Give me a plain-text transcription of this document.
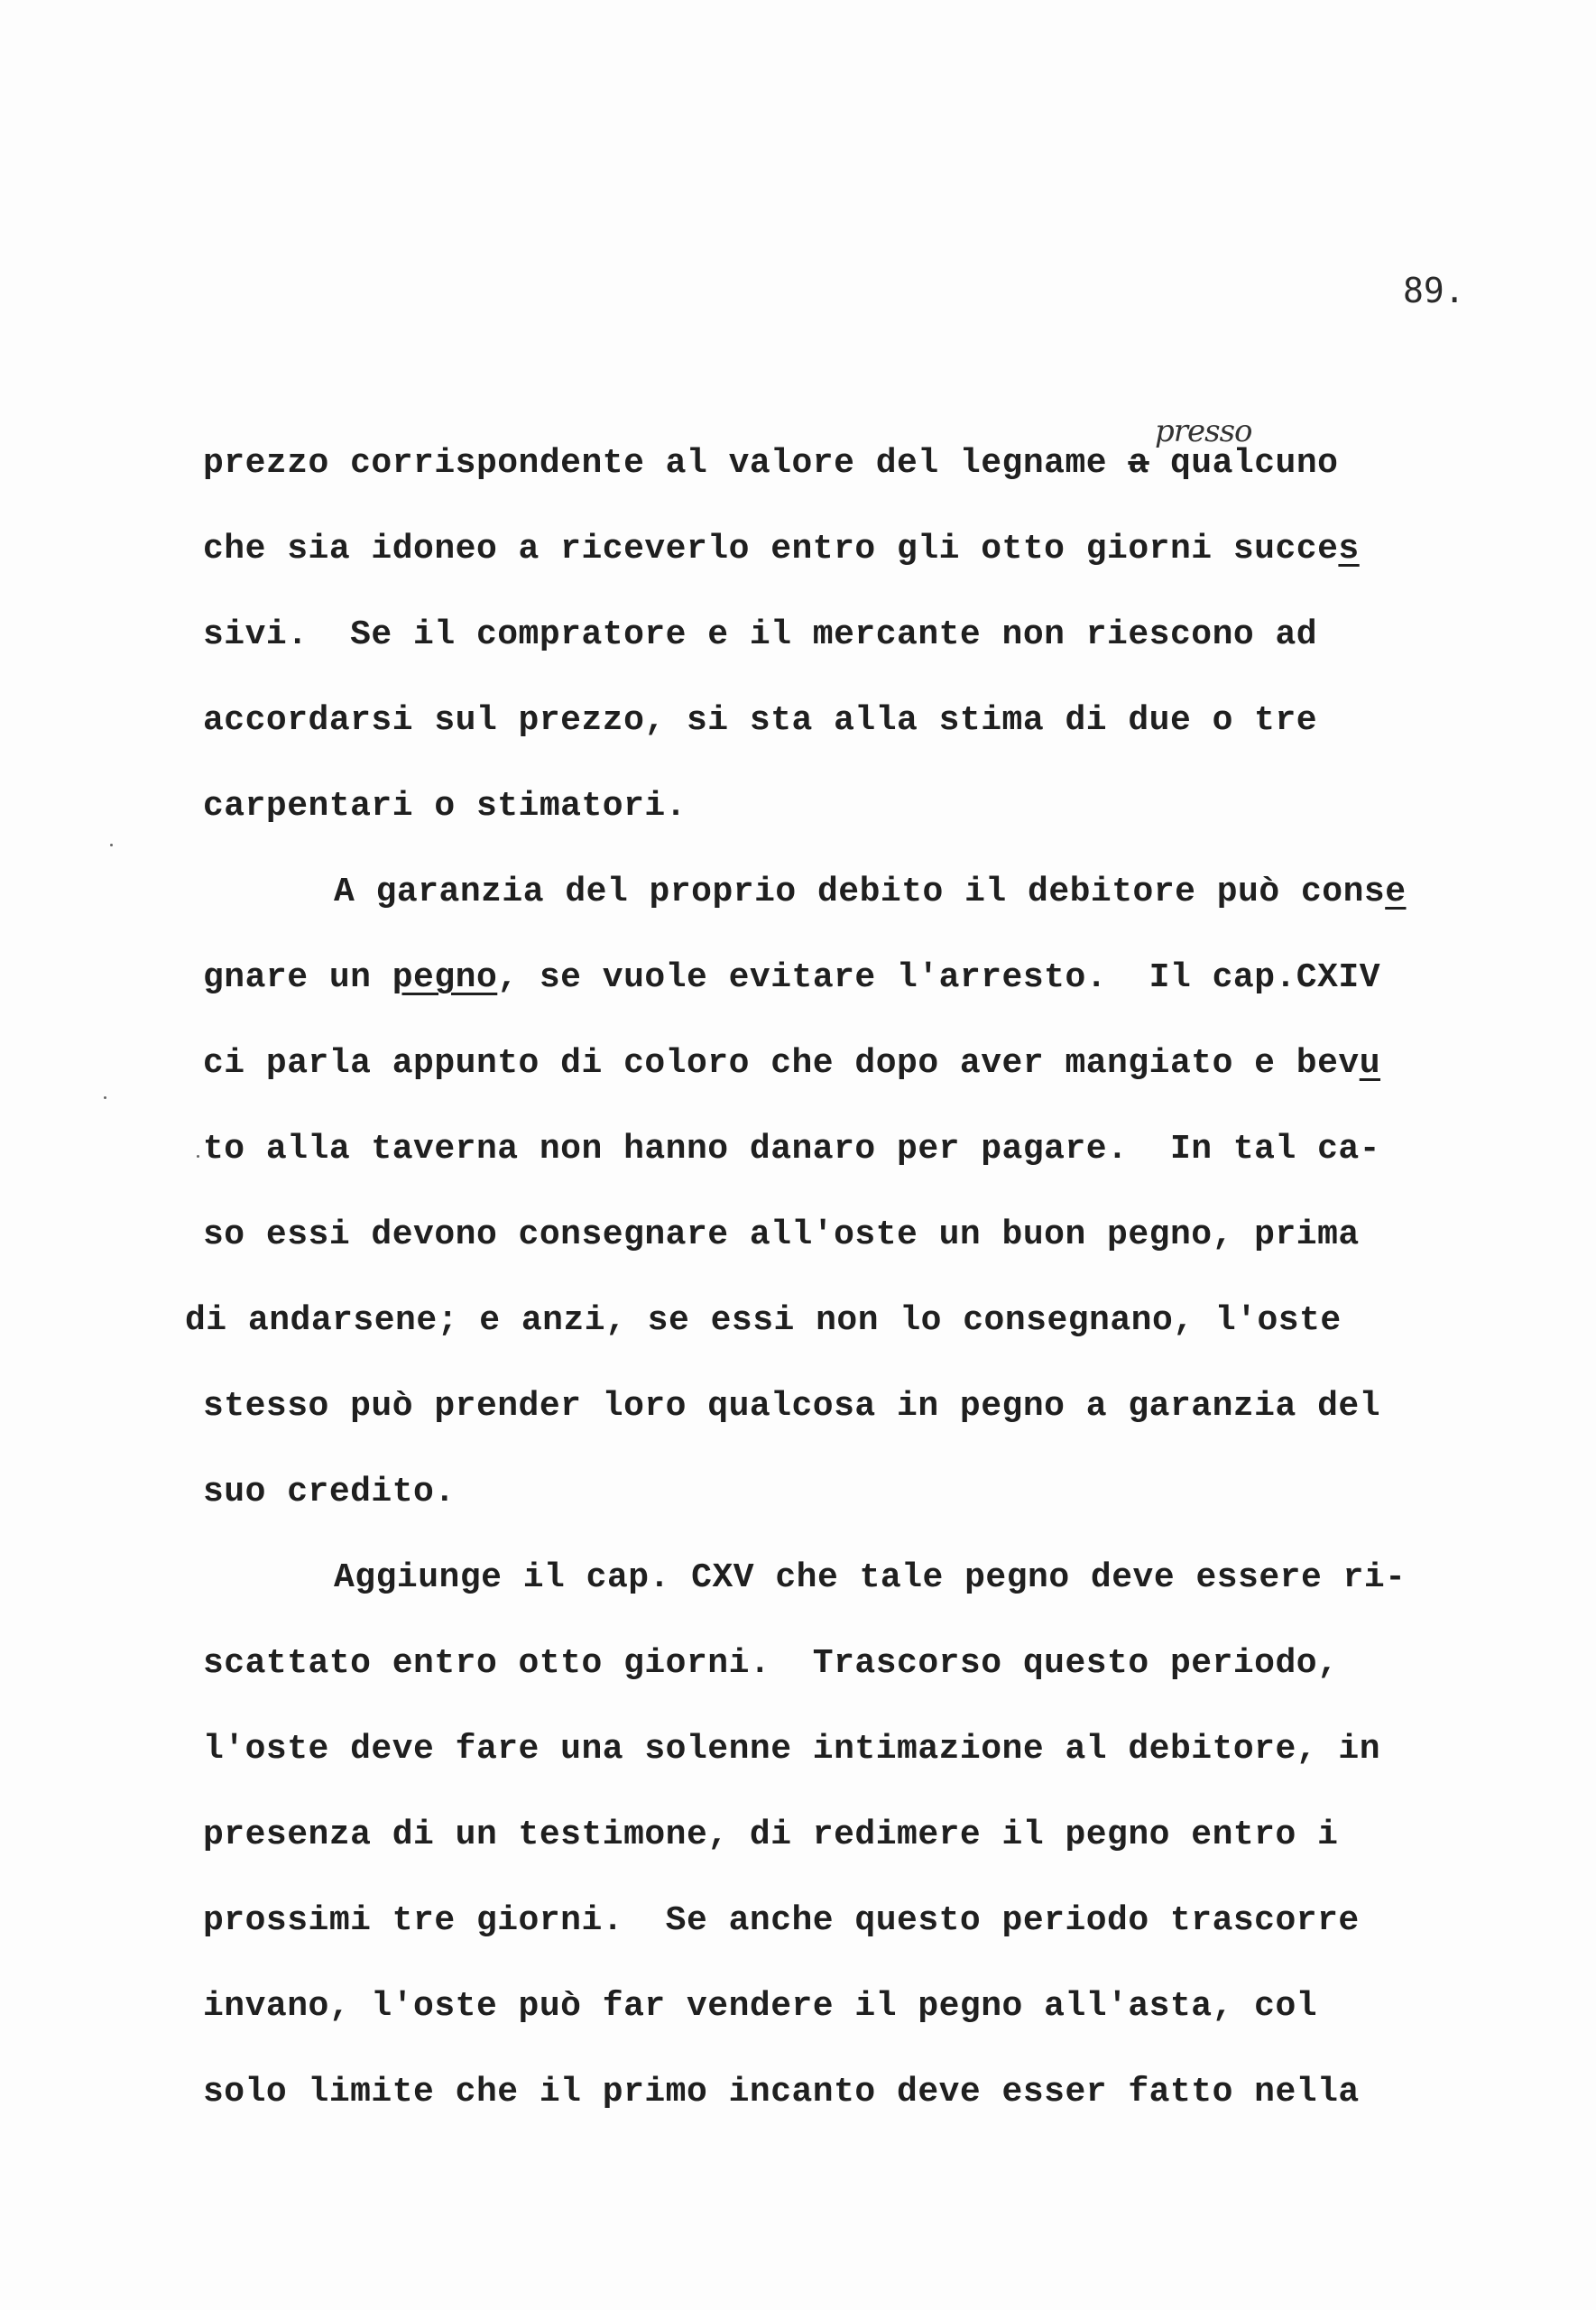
89.
presso
prezzo corrispondente al valore del legname a qualcuno
che sia idoneo a riceverlo entro gli otto giorni succes
sivi.  Se il compratore e il mercante non riescono ad
accordarsi sul prezzo, si sta alla stima di due o tre
carpentari o stimatori.
A garanzia del proprio debito il debitore può conse
gnare un pegno, se vuole evitare l'arresto.  Il cap.CXIV
ci parla appunto di coloro che dopo aver mangiato e bevu
to alla taverna non hanno danaro per pagare.  In tal ca-
so essi devono consegnare all'oste un buon pegno, prima
di andarsene; e anzi, se essi non lo consegnano, l'oste
stesso può prender loro qualcosa in pegno a garanzia del
suo credito.
Aggiunge il cap. CXV che tale pegno deve essere ri-
scattato entro otto giorni.  Trascorso questo periodo,
l'oste deve fare una solenne intimazione al debitore, in
presenza di un testimone, di redimere il pegno entro i
prossimi tre giorni.  Se anche questo periodo trascorre
invano, l'oste può far vendere il pegno all'asta, col
solo limite che il primo incanto deve esser fatto nella
